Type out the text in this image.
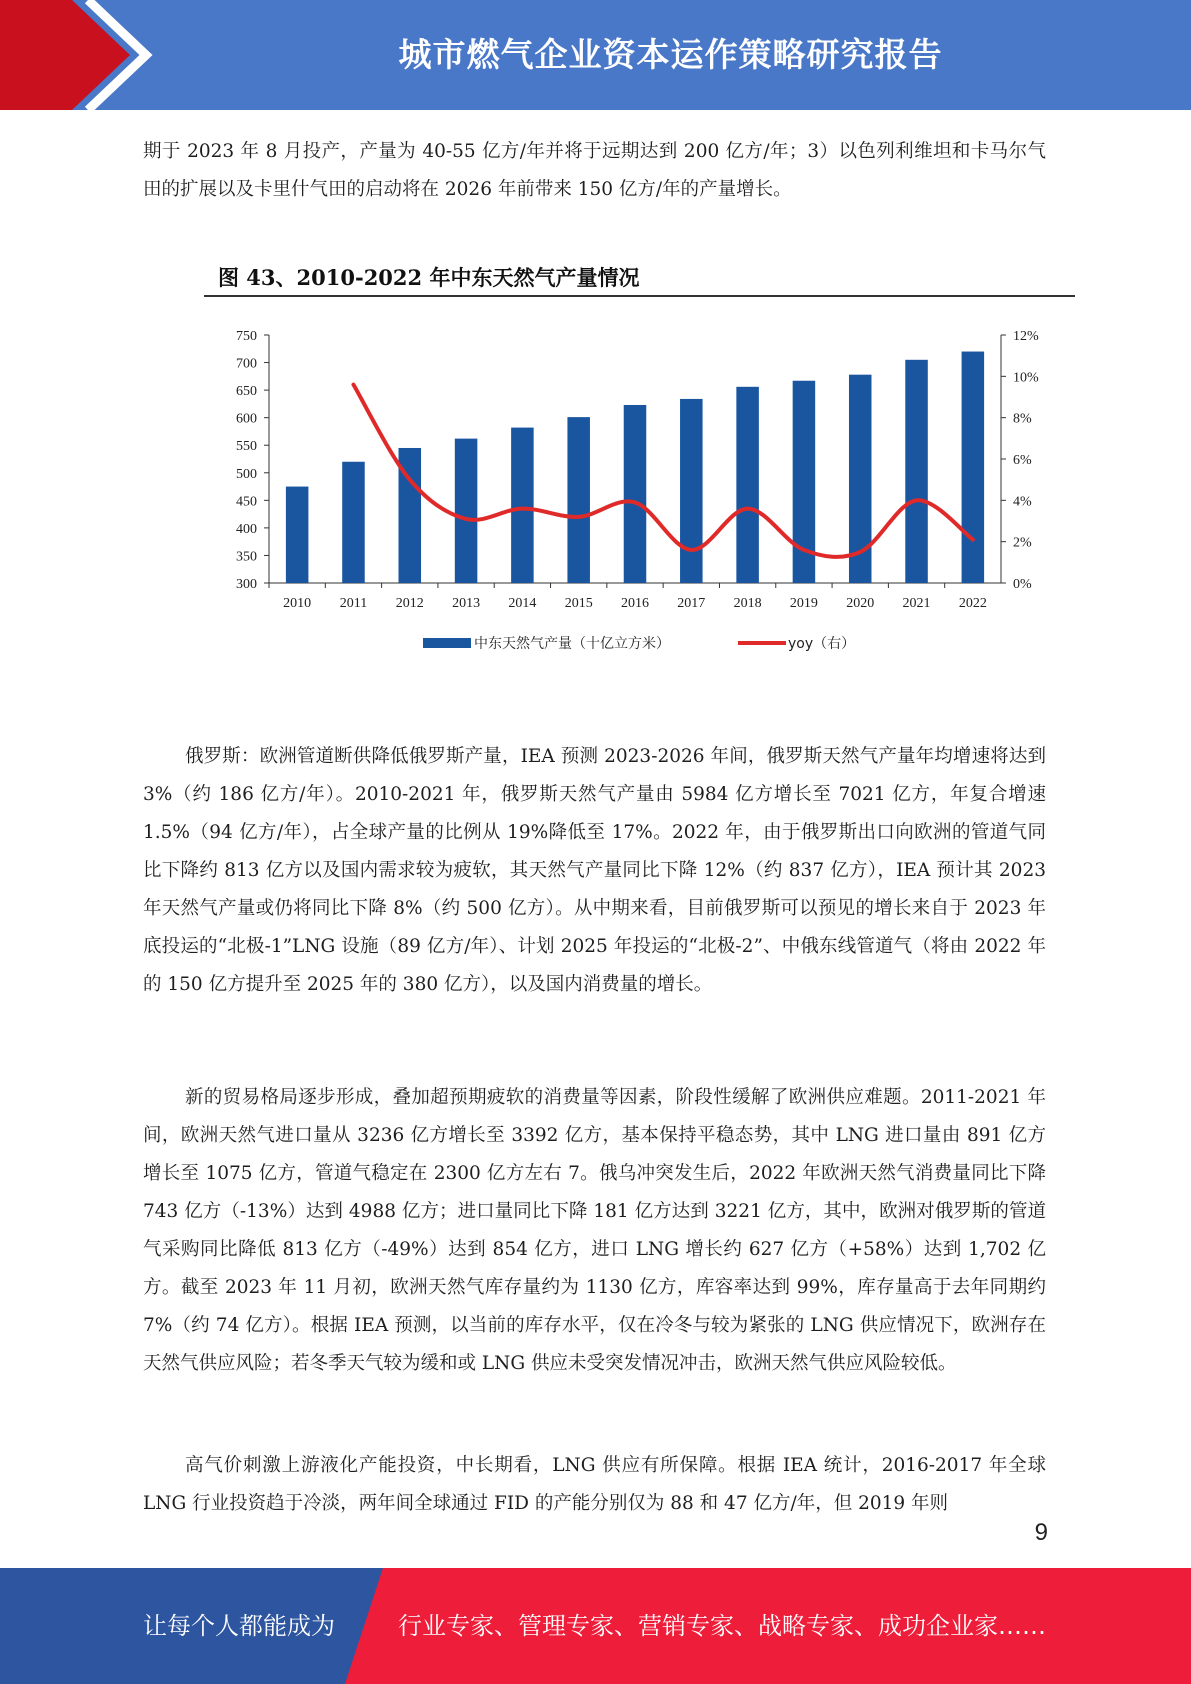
城市燃气企业资本运作策略研究报告

期于 2023 年 8 月投产，产量为 40-55 亿方/年并将于远期达到 200 亿方/年；3）以色列利维坦和卡马尔气田的扩展以及卡里什气田的启动将在 2026 年前带来 150 亿方/年的产量增长。

图 43、2010-2022 年中东天然气产量情况
750
700
650
600
550
500
450
400
350
300
12%
10%
8%
6%
4%
2%
0%
2010 2011 2012 2013 2014 2015 2016 2017 2018 2019 2020 2021 2022
中东天然气产量（十亿立方米）	yoy（右）

俄罗斯：欧洲管道断供降低俄罗斯产量，IEA 预测 2023-2026 年间，俄罗斯天然气产量年均增速将达到 3%（约 186 亿方/年）。2010-2021 年，俄罗斯天然气产量由 5984 亿方增长至 7021 亿方，年复合增速 1.5%（94 亿方/年），占全球产量的比例从 19%降低至 17%。2022 年，由于俄罗斯出口向欧洲的管道气同比下降约 813 亿方以及国内需求较为疲软，其天然气产量同比下降 12%（约 837 亿方），IEA 预计其 2023 年天然气产量或仍将同比下降 8%（约 500 亿方）。从中期来看，目前俄罗斯可以预见的增长来自于 2023 年底投运的“北极-1”LNG 设施（89 亿方/年）、计划 2025 年投运的“北极-2”、中俄东线管道气（将由 2022 年的 150 亿方提升至 2025 年的 380 亿方），以及国内消费量的增长。

新的贸易格局逐步形成，叠加超预期疲软的消费量等因素，阶段性缓解了欧洲供应难题。2011-2021 年间，欧洲天然气进口量从 3236 亿方增长至 3392 亿方，基本保持平稳态势，其中 LNG 进口量由 891 亿方增长至 1075 亿方，管道气稳定在 2300 亿方左右 7。俄乌冲突发生后，2022 年欧洲天然气消费量同比下降 743 亿方（-13%）达到 4988 亿方；进口量同比下降 181 亿方达到 3221 亿方，其中，欧洲对俄罗斯的管道气采购同比降低 813 亿方（-49%）达到 854 亿方，进口 LNG 增长约 627 亿方（+58%）达到 1,702 亿方。截至 2023 年 11 月初，欧洲天然气库存量约为 1130 亿方，库容率达到 99%，库存量高于去年同期约 7%（约 74 亿方）。根据 IEA 预测，以当前的库存水平，仅在冷冬与较为紧张的 LNG 供应情况下，欧洲存在天然气供应风险；若冬季天气较为缓和或 LNG 供应未受突发情况冲击，欧洲天然气供应风险较低。

高气价刺激上游液化产能投资，中长期看，LNG 供应有所保障。根据 IEA 统计，2016-2017 年全球 LNG 行业投资趋于冷淡，两年间全球通过 FID 的产能分别仅为 88 和 47 亿方/年，但 2019 年则

9
让每个人都能成为	行业专家、管理专家、营销专家、战略专家、成功企业家……
